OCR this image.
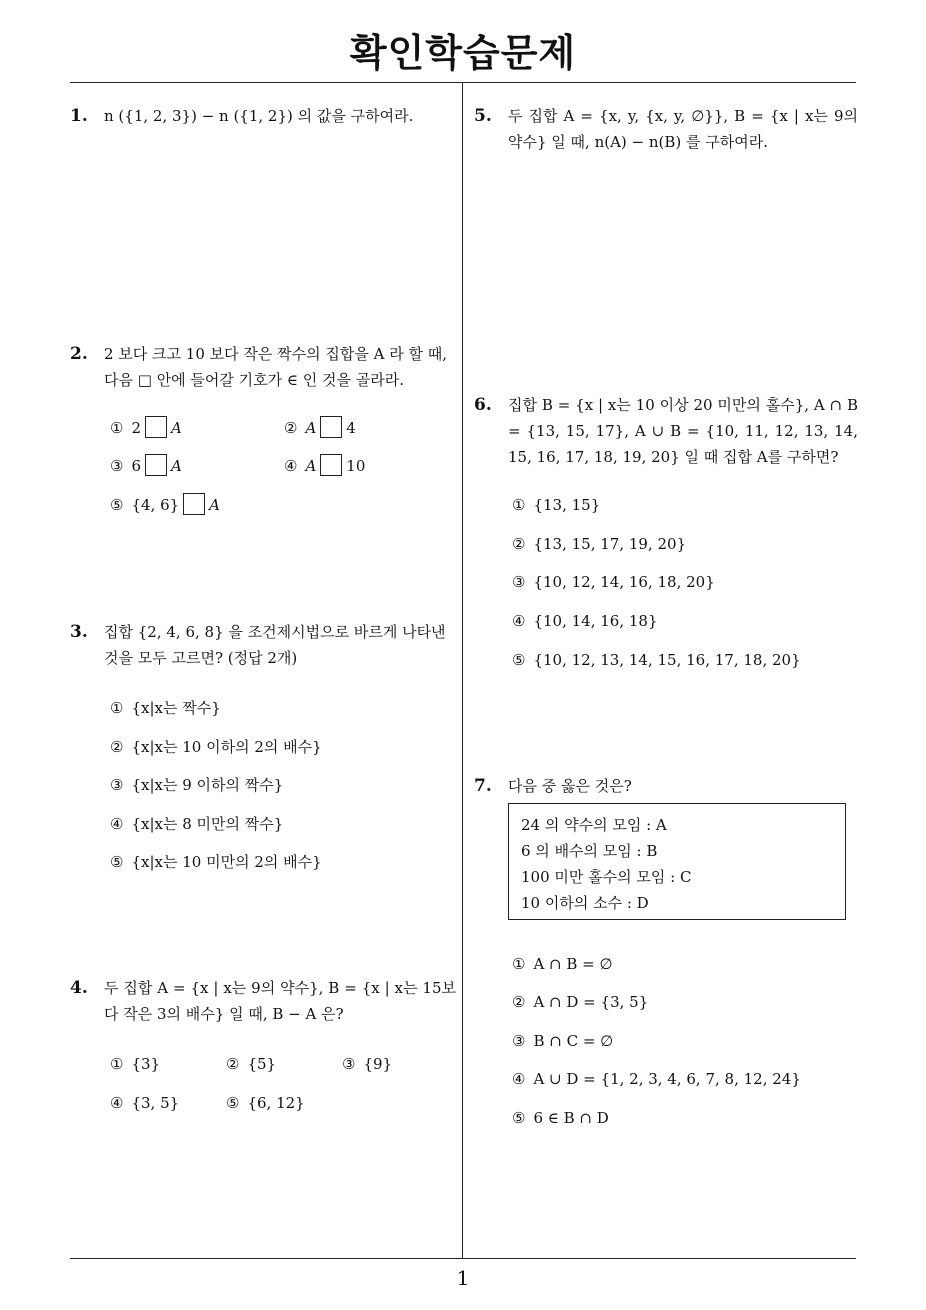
확인학습문제
1. n ({1, 2, 3}) − n ({1, 2}) 의 값을 구하여라.
2. 2 보다 크고 10 보다 작은 짝수의 집합을 A 라 할 때, 다음 □ 안에 들어갈 기호가 ∈ 인 것을 골라라.
① 2 A	② A 4
③ 6 A	④ A 10
⑤ {4, 6} A
3. 집합 {2, 4, 6, 8} 을 조건제시법으로 바르게 나타낸 것을 모두 고르면? (정답 2개)
① {x|x는 짝수}
② {x|x는 10 이하의 2의 배수}
③ {x|x는 9 이하의 짝수}
④ {x|x는 8 미만의 짝수}
⑤ {x|x는 10 미만의 2의 배수}
4. 두 집합 A = {x | x는 9의 약수}, B = {x | x는 15보다 작은 3의 배수} 일 때, B − A 은?
① {3}	② {5}	③ {9}
④ {3, 5}	⑤ {6, 12}
5. 두 집합 A = {x, y, {x, y, ∅}}, B = {x | x는 9의 약수} 일 때, n(A) − n(B) 를 구하여라.
6. 집합 B = {x | x는 10 이상 20 미만의 홀수}, A ∩ B = {13, 15, 17}, A ∪ B = {10, 11, 12, 13, 14, 15, 16, 17, 18, 19, 20} 일 때 집합 A를 구하면?
① {13, 15}
② {13, 15, 17, 19, 20}
③ {10, 12, 14, 16, 18, 20}
④ {10, 14, 16, 18}
⑤ {10, 12, 13, 14, 15, 16, 17, 18, 20}
7. 다음 중 옳은 것은?
24 의 약수의 모임 : A
6 의 배수의 모임 : B
100 미만 홀수의 모임 : C
10 이하의 소수 : D
① A ∩ B = ∅
② A ∩ D = {3, 5}
③ B ∩ C = ∅
④ A ∪ D = {1, 2, 3, 4, 6, 7, 8, 12, 24}
⑤ 6 ∈ B ∩ D
1
